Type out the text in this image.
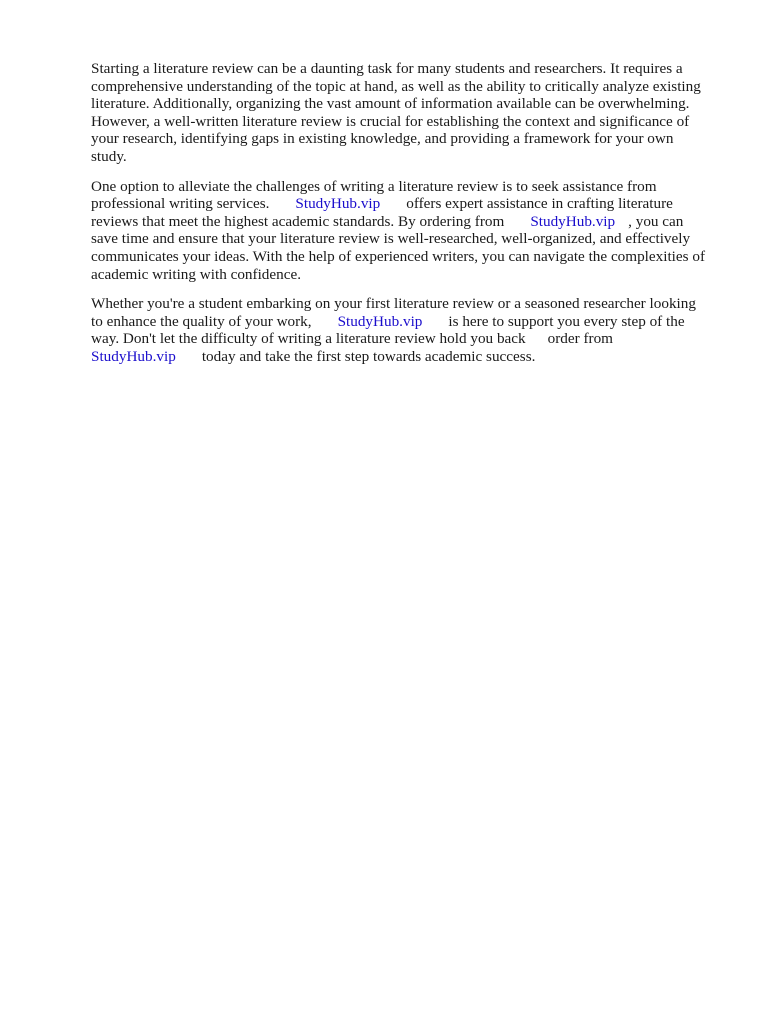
Starting a literature review can be a daunting task for many students and researchers. It requires a
comprehensive understanding of the topic at hand, as well as the ability to critically analyze existing
literature. Additionally, organizing the vast amount of information available can be overwhelming.
However, a well-written literature review is crucial for establishing the context and significance of
your research, identifying gaps in existing knowledge, and providing a framework for your own
study.

One option to alleviate the challenges of writing a literature review is to seek assistance from
professional writing services. StudyHub.vip offers expert assistance in crafting literature
reviews that meet the highest academic standards. By ordering from StudyHub.vip , you can
save time and ensure that your literature review is well-researched, well-organized, and effectively
communicates your ideas. With the help of experienced writers, you can navigate the complexities of
academic writing with confidence.

Whether you're a student embarking on your first literature review or a seasoned researcher looking
to enhance the quality of your work, StudyHub.vip is here to support you every step of the
way. Don't let the difficulty of writing a literature review hold you back order from
StudyHub.vip today and take the first step towards academic success.
